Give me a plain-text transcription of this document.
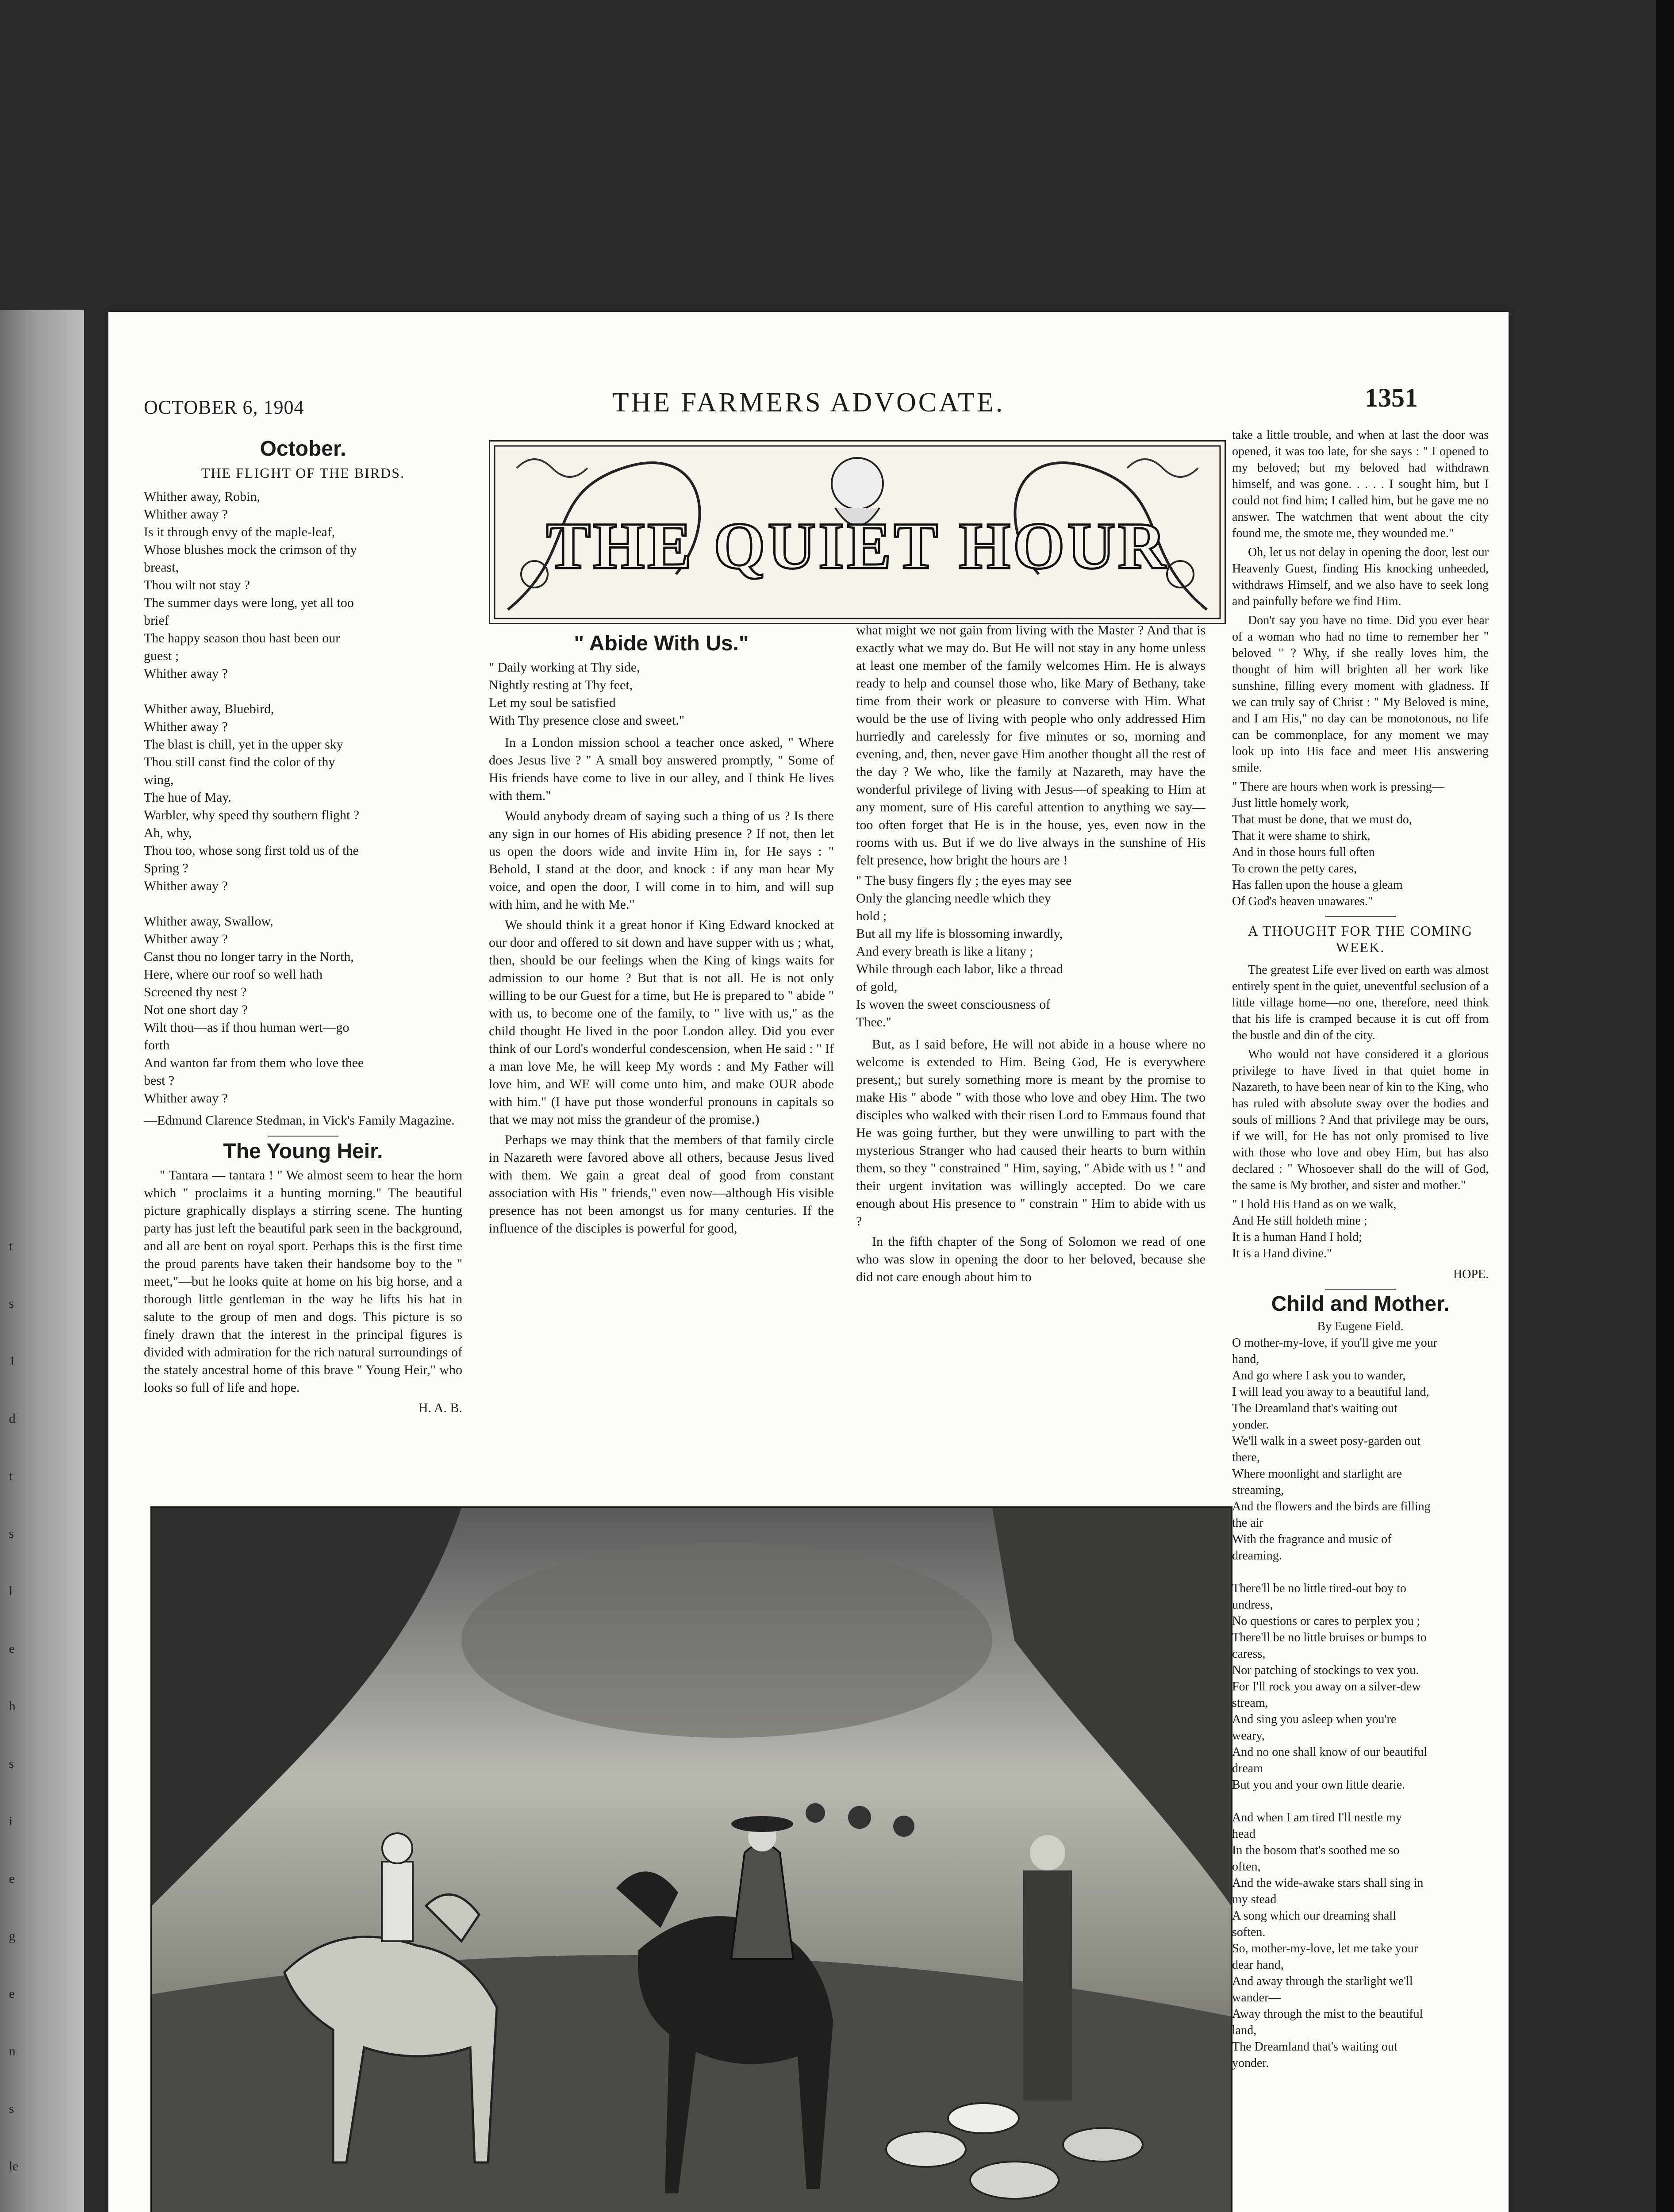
t
s
1
d
t
s
l
e
h
s
i
e
g
e
n
s
le
OCTOBER 6, 1904	THE FARMERS ADVOCATE.	1351
THE QUIET HOUR
October.
THE FLIGHT OF THE BIRDS.
Whither away, Robin,
Whither away ?
Is it through envy of the maple-leaf,
Whose blushes mock the crimson of thy
breast,
Thou wilt not stay ?
The summer days were long, yet all too
brief
The happy season thou hast been our
guest ;
Whither away ?

Whither away, Bluebird,
Whither away ?
The blast is chill, yet in the upper sky
Thou still canst find the color of thy
wing,
The hue of May.
Warbler, why speed thy southern flight ?
Ah, why,
Thou too, whose song first told us of the
Spring ?
Whither away ?

Whither away, Swallow,
Whither away ?
Canst thou no longer tarry in the North,
Here, where our roof so well hath
Screened thy nest ?
Not one short day ?
Wilt thou—as if thou human wert—go
forth
And wanton far from them who love thee
best ?
Whither away ?

—Edmund Clarence Stedman, in Vick's Family Magazine.

The Young Heir.

" Tantara — tantara ! " We almost seem to hear the horn which " proclaims it a hunting morning." The beautiful picture graphically displays a stirring scene. The hunting party has just left the beautiful park seen in the background, and all are bent on royal sport. Perhaps this is the first time the proud parents have taken their handsome boy to the " meet,"—but he looks quite at home on his big horse, and a thorough little gentleman in the way he lifts his hat in salute to the group of men and dogs. This picture is so finely drawn that the interest in the principal figures is divided with admiration for the rich natural surroundings of the stately ancestral home of this brave " Young Heir," who looks so full of life and hope.

H. A. B.
" Abide With Us."
" Daily working at Thy side,
Nightly resting at Thy feet,
Let my soul be satisfied
With Thy presence close and sweet."

In a London mission school a teacher once asked, " Where does Jesus live ? " A small boy answered promptly, " Some of His friends have come to live in our alley, and I think He lives with them."

Would anybody dream of saying such a thing of us ? Is there any sign in our homes of His abiding presence ? If not, then let us open the doors wide and invite Him in, for He says : " Behold, I stand at the door, and knock : if any man hear My voice, and open the door, I will come in to him, and will sup with him, and he with Me."

We should think it a great honor if King Edward knocked at our door and offered to sit down and have supper with us ; what, then, should be our feelings when the King of kings waits for admission to our home ? But that is not all. He is not only willing to be our Guest for a time, but He is prepared to " abide " with us, to become one of the family, to " live with us," as the child thought He lived in the poor London alley. Did you ever think of our Lord's wonderful condescension, when He said : " If a man love Me, he will keep My words : and My Father will love him, and WE will come unto him, and make OUR abode with him." (I have put those wonderful pronouns in capitals so that we may not miss the grandeur of the promise.)

Perhaps we may think that the members of that family circle in Nazareth were favored above all others, because Jesus lived with them. We gain a great deal of good from constant association with His " friends," even now—although His visible presence has not been amongst us for many centuries. If the influence of the disciples is powerful for good,

what might we not gain from living with the Master ? And that is exactly what we may do. But He will not stay in any home unless at least one member of the family welcomes Him. He is always ready to help and counsel those who, like Mary of Bethany, take time from their work or pleasure to converse with Him. What would be the use of living with people who only addressed Him hurriedly and carelessly for five minutes or so, morning and evening, and, then, never gave Him another thought all the rest of the day ? We who, like the family at Nazareth, may have the wonderful privilege of living with Jesus—of speaking to Him at any moment, sure of His careful attention to anything we say—too often forget that He is in the house, yes, even now in the rooms with us. But if we do live always in the sunshine of His felt presence, how bright the hours are !

" The busy fingers fly ; the eyes may see
Only the glancing needle which they
hold ;
But all my life is blossoming inwardly,
And every breath is like a litany ;
While through each labor, like a thread
of gold,
Is woven the sweet consciousness of
Thee."

But, as I said before, He will not abide in a house where no welcome is extended to Him. Being God, He is everywhere present,; but surely something more is meant by the promise to make His " abode " with those who love and obey Him. The two disciples who walked with their risen Lord to Emmaus found that He was going further, but they were unwilling to part with the mysterious Stranger who had caused their hearts to burn within them, so they " constrained " Him, saying, " Abide with us ! " and their urgent invitation was willingly accepted. Do we care enough about His presence to " constrain " Him to abide with us ?

In the fifth chapter of the Song of Solomon we read of one who was slow in opening the door to her beloved, because she did not care enough about him to

take a little trouble, and when at last the door was opened, it was too late, for she says : " I opened to my beloved; but my beloved had withdrawn himself, and was gone. . . . . I sought him, but I could not find him; I called him, but he gave me no answer. The watchmen that went about the city found me, the smote me, they wounded me."

Oh, let us not delay in opening the door, lest our Heavenly Guest, finding His knocking unheeded, withdraws Himself, and we also have to seek long and painfully before we find Him.

Don't say you have no time. Did you ever hear of a woman who had no time to remember her " beloved " ? Why, if she really loves him, the thought of him will brighten all her work like sunshine, filling every moment with gladness. If we can truly say of Christ : " My Beloved is mine, and I am His," no day can be monotonous, no life can be commonplace, for any moment we may look up into His face and meet His answering smile.

" There are hours when work is pressing—
Just little homely work,
That must be done, that we must do,
That it were shame to shirk,
And in those hours full often
To crown the petty cares,
Has fallen upon the house a gleam
Of God's heaven unawares."
A THOUGHT FOR THE COMING WEEK.

The greatest Life ever lived on earth was almost entirely spent in the quiet, uneventful seclusion of a little village home—no one, therefore, need think that his life is cramped because it is cut off from the bustle and din of the city.

Who would not have considered it a glorious privilege to have lived in that quiet home in Nazareth, to have been near of kin to the King, who has ruled with absolute sway over the bodies and souls of millions ? And that privilege may be ours, if we will, for He has not only promised to live with those who love and obey Him, but has also declared : " Whosoever shall do the will of God, the same is My brother, and sister and mother."

" I hold His Hand as on we walk,
And He still holdeth mine ;
It is a human Hand I hold;
It is a Hand divine."
HOPE.
Child and Mother.
By Eugene Field.
O mother-my-love, if you'll give me your
hand,
And go where I ask you to wander,
I will lead you away to a beautiful land,
The Dreamland that's waiting out
yonder.
We'll walk in a sweet posy-garden out
there,
Where moonlight and starlight are
streaming,
And the flowers and the birds are filling
the air
With the fragrance and music of
dreaming.

There'll be no little tired-out boy to
undress,
No questions or cares to perplex you ;
There'll be no little bruises or bumps to
caress,
Nor patching of stockings to vex you.
For I'll rock you away on a silver-dew
stream,
And sing you asleep when you're
weary,
And no one shall know of our beautiful
dream
But you and your own little dearie.

And when I am tired I'll nestle my
head
In the bosom that's soothed me so
often,
And the wide-awake stars shall sing in
my stead
A song which our dreaming shall
soften.
So, mother-my-love, let me take your
dear hand,
And away through the starlight we'll
wander—
Away through the mist to the beautiful
land,
The Dreamland that's waiting out
yonder.
